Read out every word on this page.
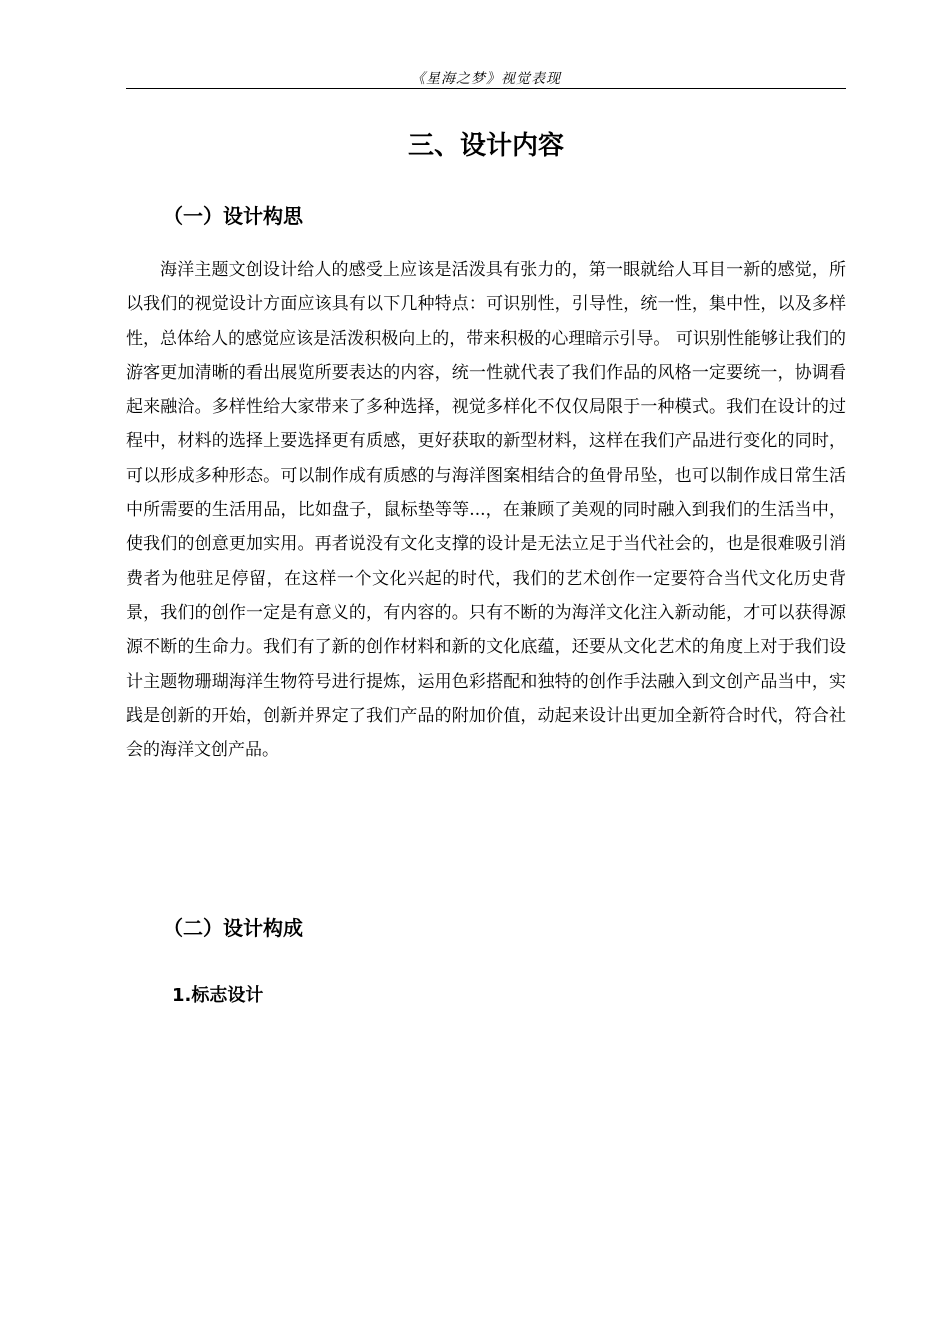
《星海之梦》视觉表现
三、设计内容
（一）设计构思

海洋主题文创设计给人的感受上应该是活泼具有张力的，第一眼就给人耳目一新的感觉，所以我们的视觉设计方面应该具有以下几种特点：可识别性，引导性，统一性，集中性，以及多样性，总体给人的感觉应该是活泼积极向上的，带来积极的心理暗示引导。 可识别性能够让我们的游客更加清晰的看出展览所要表达的内容，统一性就代表了我们作品的风格一定要统一，协调看起来融洽。多样性给大家带来了多种选择，视觉多样化不仅仅局限于一种模式。我们在设计的过程中，材料的选择上要选择更有质感，更好获取的新型材料，这样在我们产品进行变化的同时，可以形成多种形态。可以制作成有质感的与海洋图案相结合的鱼骨吊坠，也可以制作成日常生活中所需要的生活用品，比如盘子，鼠标垫等等...，在兼顾了美观的同时融入到我们的生活当中，使我们的创意更加实用。再者说没有文化支撑的设计是无法立足于当代社会的，也是很难吸引消费者为他驻足停留，在这样一个文化兴起的时代，我们的艺术创作一定要符合当代文化历史背景，我们的创作一定是有意义的，有内容的。只有不断的为海洋文化注入新动能，才可以获得源源不断的生命力。我们有了新的创作材料和新的文化底蕴，还要从文化艺术的角度上对于我们设计主题物珊瑚海洋生物符号进行提炼，运用色彩搭配和独特的创作手法融入到文创产品当中，实践是创新的开始，创新并界定了我们产品的附加价值，动起来设计出更加全新符合时代，符合社会的海洋文创产品。

（二）设计构成
1.标志设计
